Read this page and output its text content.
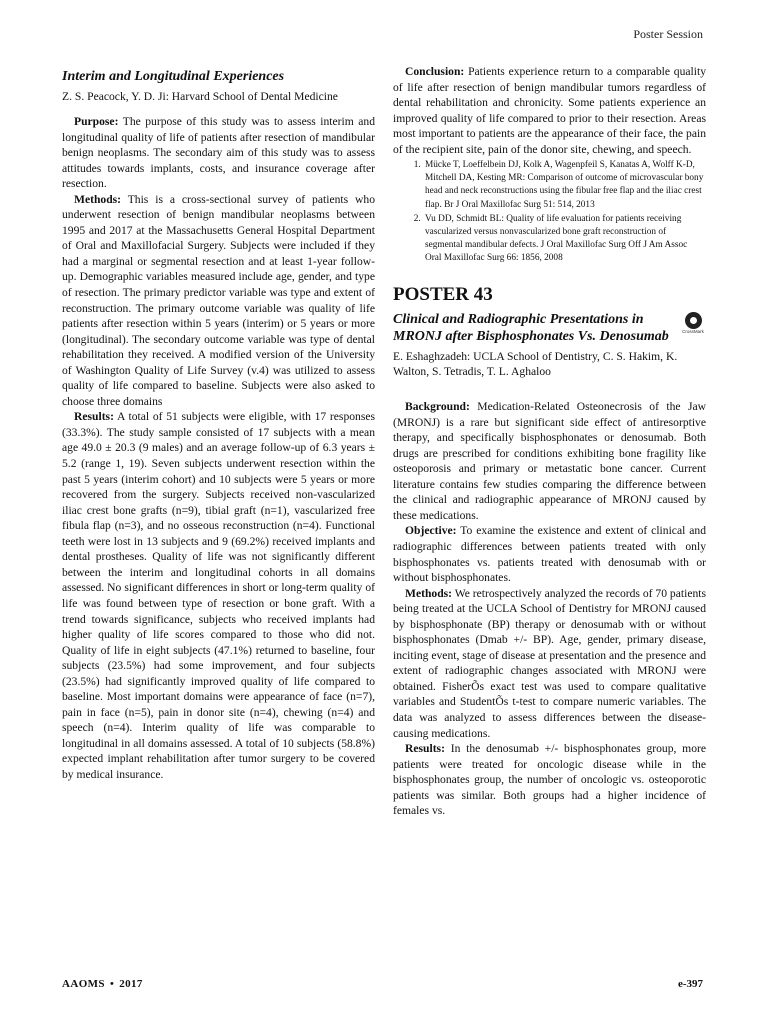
Poster Session
Interim and Longitudinal Experiences

Z. S. Peacock, Y. D. Ji: Harvard School of Dental Medicine

Purpose: The purpose of this study was to assess interim and longitudinal quality of life of patients after resection of mandibular benign neoplasms. The secondary aim of this study was to assess attitudes towards implants, costs, and insurance coverage after resection.

Methods: This is a cross-sectional survey of patients who underwent resection of benign mandibular neoplasms between 1995 and 2017 at the Massachusetts General Hospital Department of Oral and Maxillofacial Surgery. Subjects were included if they had a marginal or segmental resection and at least 1-year follow-up. Demographic variables measured include age, gender, and type of resection. The primary predictor variable was type and extent of reconstruction. The primary outcome variable was quality of life patients after resection within 5 years (interim) or 5 years or more (longitudinal). The secondary outcome variable was type of dental rehabilitation they received. A modified version of the University of Washington Quality of Life Survey (v.4) was utilized to assess quality of life compared to baseline. Subjects were also asked to choose three domains

Results: A total of 51 subjects were eligible, with 17 responses (33.3%). The study sample consisted of 17 subjects with a mean age 49.0 ± 20.3 (9 males) and an average follow-up of 6.3 years ± 5.2 (range 1, 19). Seven subjects underwent resection within the past 5 years (interim cohort) and 10 subjects were 5 years or more recovered from the surgery. Subjects received non-vascularized iliac crest bone grafts (n=9), tibial graft (n=1), vascularized free fibula flap (n=3), and no osseous reconstruction (n=4). Functional teeth were lost in 13 subjects and 9 (69.2%) received implants and dental prostheses. Quality of life was not significantly different between the interim and longitudinal cohorts in all domains assessed. No significant differences in short or long-term quality of life was found between type of resection or bone graft. With a trend towards significance, subjects who received implants had higher quality of life scores compared to those who did not. Quality of life in eight subjects (47.1%) returned to baseline, four subjects (23.5%) had some improvement, and four subjects (23.5%) had significantly improved quality of life compared to baseline. Most important domains were appearance of face (n=7), pain in face (n=5), pain in donor site (n=4), chewing (n=4) and speech (n=4). Interim quality of life was comparable to longitudinal in all domains assessed. A total of 10 subjects (58.8%) expected implant rehabilitation after tumor surgery to be covered by medical insurance.

Conclusion: Patients experience return to a comparable quality of life after resection of benign mandibular tumors regardless of dental rehabilitation and chronicity. Some patients experience an improved quality of life compared to prior to their resection. Areas most important to patients are the appearance of their face, the pain of the recipient site, pain of the donor site, chewing, and speech.

1. Mücke T, Loeffelbein DJ, Kolk A, Wagenpfeil S, Kanatas A, Wolff K-D, Mitchell DA, Kesting MR: Comparison of outcome of microvascular bony head and neck reconstructions using the fibular free flap and the iliac crest flap. Br J Oral Maxillofac Surg 51: 514, 2013
2. Vu DD, Schmidt BL: Quality of life evaluation for patients receiving vascularized versus nonvascularized bone graft reconstruction of segmental mandibular defects. J Oral Maxillofac Surg Off J Am Assoc Oral Maxillofac Surg 66: 1856, 2008
POSTER 43
Clinical and Radiographic Presentations in MRONJ after Bisphosphonates Vs. Denosumab	CrossMark

E. Eshaghzadeh: UCLA School of Dentistry, C. S. Hakim, K. Walton, S. Tetradis, T. L. Aghaloo

Background: Medication-Related Osteonecrosis of the Jaw (MRONJ) is a rare but significant side effect of antiresorptive therapy, and specifically bisphosphonates or denosumab. Both drugs are prescribed for conditions exhibiting bone fragility like osteoporosis and primary or metastatic bone cancer. Current literature contains few studies comparing the difference between the clinical and radiographic appearance of MRONJ caused by these medications.

Objective: To examine the existence and extent of clinical and radiographic differences between patients treated with only bisphosphonates vs. patients treated with denosumab with or without bisphosphonates.

Methods: We retrospectively analyzed the records of 70 patients being treated at the UCLA School of Dentistry for MRONJ caused by bisphosphonate (BP) therapy or denosumab with or without bisphosphonates (Dmab +/- BP). Age, gender, primary disease, inciting event, stage of disease at presentation and the presence and extent of radiographic changes associated with MRONJ were obtained. FisherÕs exact test was used to compare qualitative variables and StudentÕs t-test to compare numeric variables. The data was analyzed to assess differences between the disease-causing medications.

Results: In the denosumab +/- bisphosphonates group, more patients were treated for oncologic disease while in the bisphosphonates group, the number of oncologic vs. osteoporotic patients was similar. Both groups had a higher incidence of females vs.

AAOMS • 2017	e-397
